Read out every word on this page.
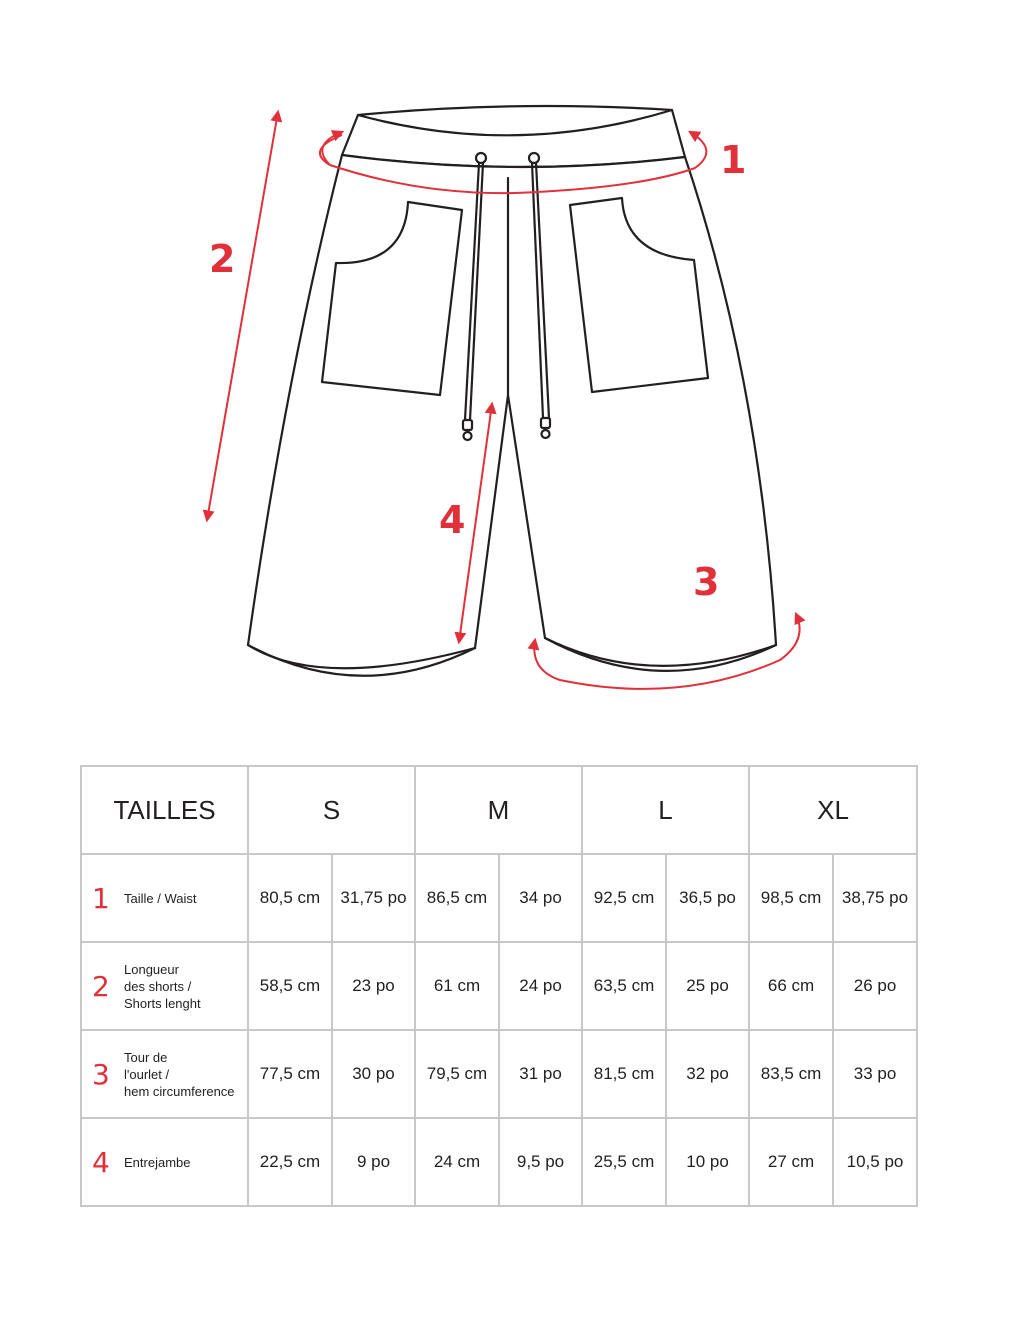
1
2
3
4
TAILLES	S		M		L		XL	

1 Taille / Waist	80,5 cm	31,75 po	86,5 cm	34 po	92,5 cm	36,5 po	98,5 cm	38,75 po

2
Longueur
des shorts /
Shorts lenght	58,5 cm	23 po	61 cm	24 po	63,5 cm	25 po	66 cm	26 po

3
Tour de
l'ourlet /
hem circumference	77,5 cm	30 po	79,5 cm	31 po	81,5 cm	32 po	83,5 cm	33 po

4 Entrejambe	22,5 cm	9 po	24 cm	9,5 po	25,5 cm	10 po	27 cm	10,5 po
